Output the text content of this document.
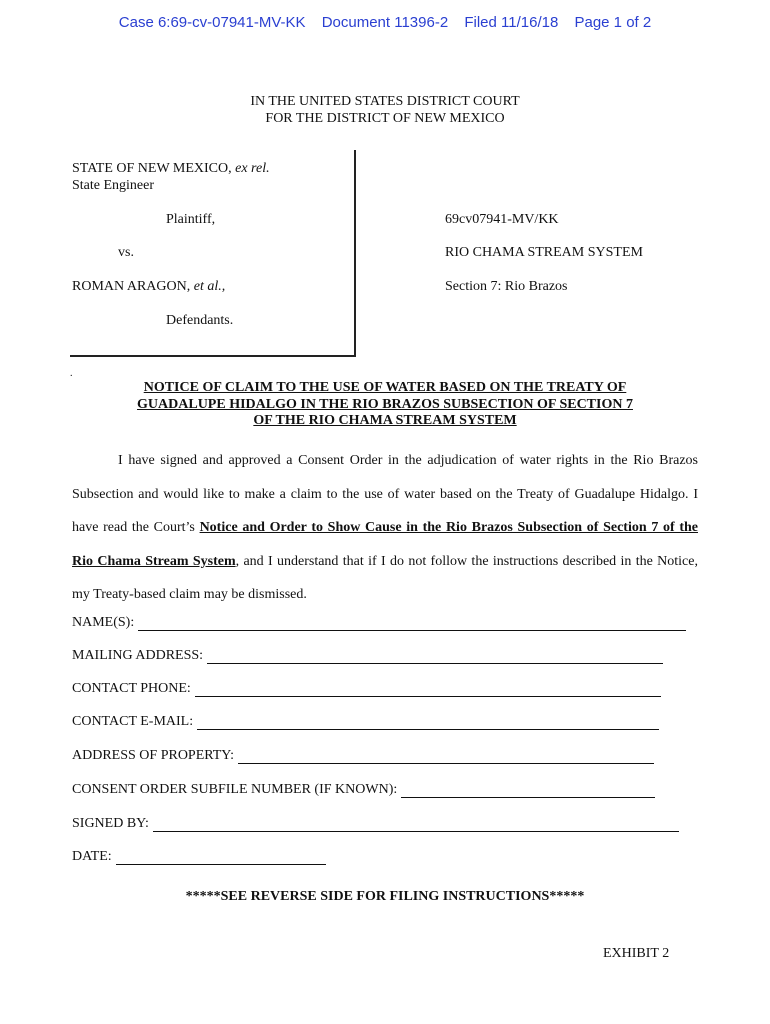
Case 6:69-cv-07941-MV-KK Document 11396-2 Filed 11/16/18 Page 1 of 2
IN THE UNITED STATES DISTRICT COURT
FOR THE DISTRICT OF NEW MEXICO
STATE OF NEW MEXICO, ex rel.
State Engineer
Plaintiff,
vs.
ROMAN ARAGON, et al.,
Defendants.
69cv07941-MV/KK
RIO CHAMA STREAM SYSTEM
Section 7: Rio Brazos
.
NOTICE OF CLAIM TO THE USE OF WATER BASED ON THE TREATY OF
GUADALUPE HIDALGO IN THE RIO BRAZOS SUBSECTION OF SECTION 7
OF THE RIO CHAMA STREAM SYSTEM
I have signed and approved a Consent Order in the adjudication of water rights in the Rio Brazos Subsection and would like to make a claim to the use of water based on the Treaty of Guadalupe Hidalgo. I have read the Court’s Notice and Order to Show Cause in the Rio Brazos Subsection of Section 7 of the Rio Chama Stream System, and I understand that if I do not follow the instructions described in the Notice, my Treaty-based claim may be dismissed.
NAME(S):
MAILING ADDRESS:
CONTACT PHONE:
CONTACT E-MAIL:
ADDRESS OF PROPERTY:
CONSENT ORDER SUBFILE NUMBER (IF KNOWN):
SIGNED BY:
DATE:
*****SEE REVERSE SIDE FOR FILING INSTRUCTIONS*****
EXHIBIT 2
